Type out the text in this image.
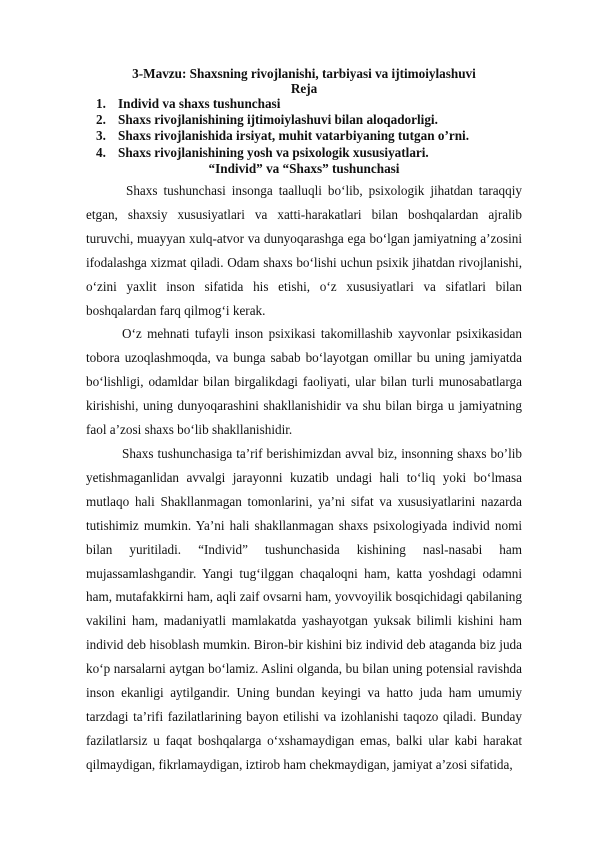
3-Mavzu: Shaxsning rivojlanishi, tarbiyasi va ijtimoiylashuvi
Reja
1. Individ va shaxs tushunchasi
2. Shaxs rivojlanishining ijtimoiylashuvi bilan aloqadorligi.
3. Shaxs rivojlanishida irsiyat, muhit vatarbiyaning tutgan o’rni.
4. Shaxs rivojlanishining yosh va psixologik xususiyatlari.
“Individ” va “Shaxs” tushunchasi

Shaxs tushunchasi insonga taalluqli bo‘lib, psixologik jihatdan taraqqiy etgan, shaxsiy xususiyatlari va xatti-harakatlari bilan boshqalardan ajralib turuvchi, muayyan xulq-atvor va dunyoqarashga ega bo‘lgan jamiyatning a’zosini ifodalashga xizmat qiladi. Odam shaxs bo‘lishi uchun psixik jihatdan rivojlanishi, o‘zini yaxlit inson sifatida his etishi, o‘z xususiyatlari va sifatlari bilan boshqalardan farq qilmog‘i kerak.

O‘z mehnati tufayli inson psixikasi takomillashib xayvonlar psixikasidan tobora uzoqlashmoqda, va bunga sabab bo‘layotgan omillar bu uning jamiyatda bo‘lishligi, odamldar bilan birgalikdagi faoliyati, ular bilan turli munosabatlarga kirishishi, uning dunyoqarashini shakllanishidir va shu bilan birga u jamiyatning faol a’zosi shaxs bo‘lib shakllanishidir.

Shaxs tushunchasiga ta’rif berishimizdan avval biz, insonning shaxs bo’lib yetishmaganlidan avvalgi jarayonni kuzatib undagi hali to‘liq yoki bo‘lmasa mutlaqo hali Shakllanmagan tomonlarini, ya’ni sifat va xususiyatlarini nazarda tutishimiz mumkin. Ya’ni hali shakllanmagan shaxs psixologiyada individ nomi bilan yuritiladi. “Individ” tushunchasida kishining nasl-nasabi ham mujassamlashgandir. Yangi tug‘ilggan chaqaloqni ham, katta yoshdagi odamni ham, mutafakkirni ham, aqli zaif ovsarni ham, yovvoyilik bosqichidagi qabilaning vakilini ham, madaniyatli mamlakatda yashayotgan yuksak bilimli kishini ham individ deb hisoblash mumkin. Biron-bir kishini biz individ deb ataganda biz juda ko‘p narsalarni aytgan bo‘lamiz. Aslini olganda, bu bilan uning potensial ravishda inson ekanligi aytilgandir. Uning bundan keyingi va hatto juda ham umumiy tarzdagi ta’rifi fazilatlarining bayon etilishi va izohlanishi taqozo qiladi. Bunday fazilatlarsiz u faqat boshqalarga o‘xshamaydigan emas, balki ular kabi harakat qilmaydigan, fikrlamaydigan, iztirob ham chekmaydigan, jamiyat a’zosi sifatida,
